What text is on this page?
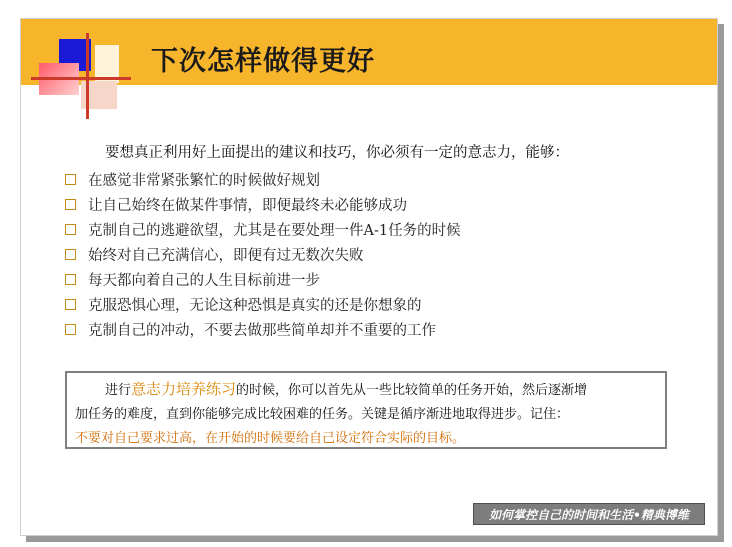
下次怎样做得更好
要想真正利用好上面提出的建议和技巧，你必须有一定的意志力，能够：
在感觉非常紧张繁忙的时候做好规划
让自己始终在做某件事情，即便最终未必能够成功
克制自己的逃避欲望，尤其是在要处理一件A-1任务的时候
始终对自己充满信心，即便有过无数次失败
每天都向着自己的人生目标前进一步
克服恐惧心理，无论这种恐惧是真实的还是你想象的
克制自己的冲动，不要去做那些简单却并不重要的工作
进行意志力培养练习的时候，你可以首先从一些比较简单的任务开始，然后逐渐增
加任务的难度，直到你能够完成比较困难的任务。关键是循序渐进地取得进步。记住：
不要对自己要求过高，在开始的时候要给自己设定符合实际的目标。
如何掌控自己的时间和生活•精典博维
